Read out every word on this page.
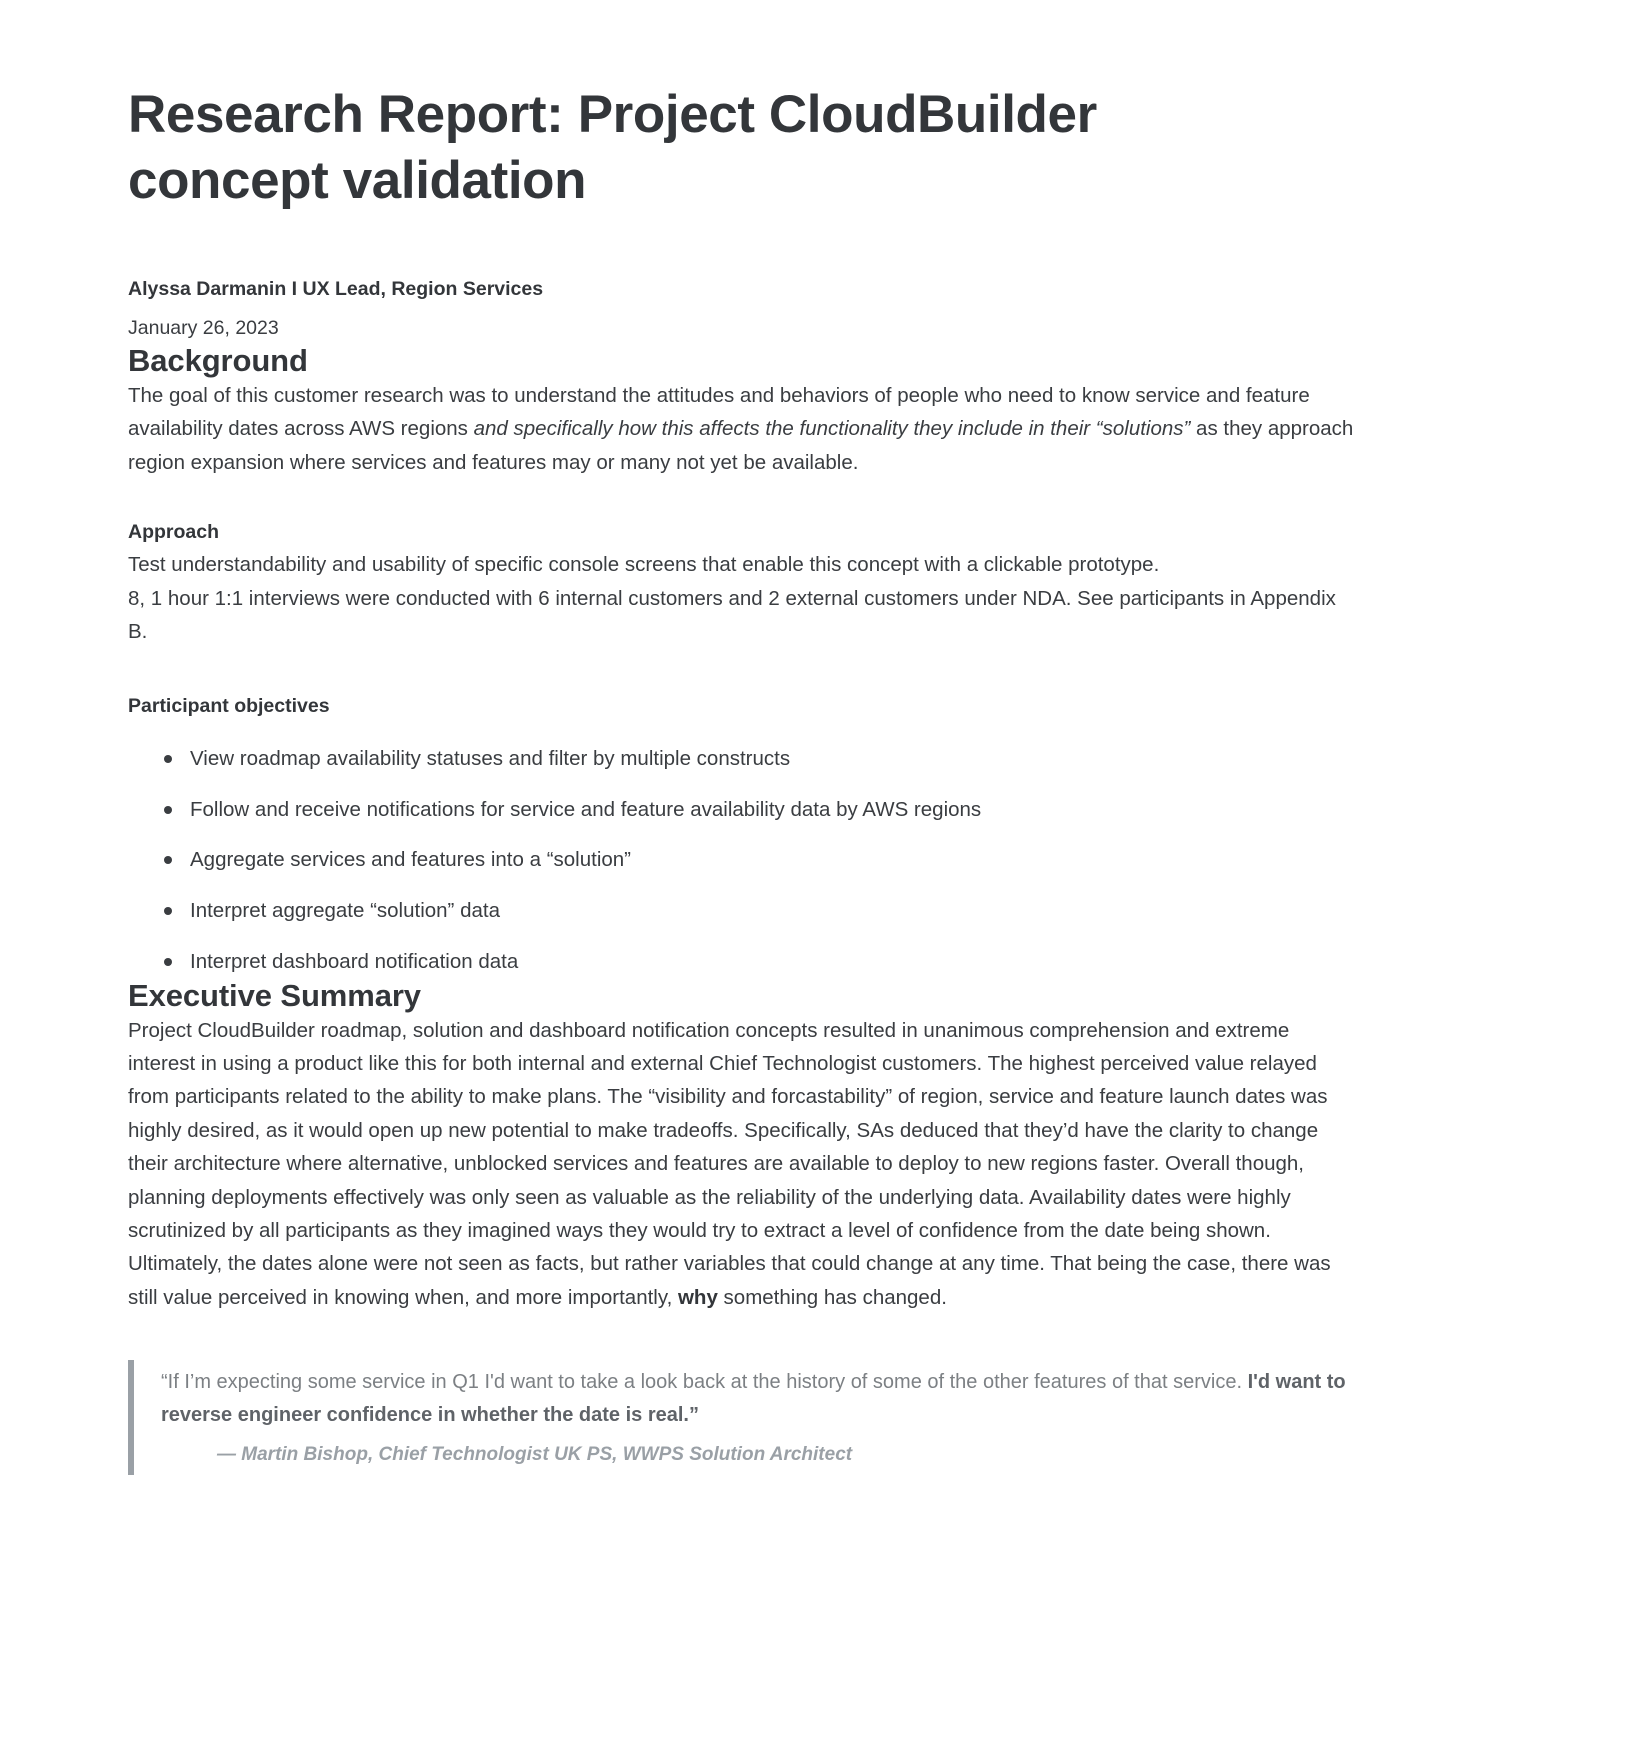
Research Report: Project CloudBuilder concept validation
Alyssa Darmanin I UX Lead, Region Services
January 26, 2023
Background

The goal of this customer research was to understand the attitudes and behaviors of people who need to know service and feature availability dates across AWS regions and specifically how this affects the functionality they include in their “solutions” as they approach region expansion where services and features may or many not yet be available.

Approach

Test understandability and usability of specific console screens that enable this concept with a clickable prototype.

8, 1 hour 1:1 interviews were conducted with 6 internal customers and 2 external customers under NDA. See participants in Appendix B.

Participant objectives
View roadmap availability statuses and filter by multiple constructs
Follow and receive notifications for service and feature availability data by AWS regions
Aggregate services and features into a “solution”
Interpret aggregate “solution” data
Interpret dashboard notification data
Executive Summary

Project CloudBuilder roadmap, solution and dashboard notification concepts resulted in unanimous comprehension and extreme interest in using a product like this for both internal and external Chief Technologist customers. The highest perceived value relayed from participants related to the ability to make plans. The “visibility and forcastability” of region, service and feature launch dates was highly desired, as it would open up new potential to make tradeoffs. Specifically, SAs deduced that they’d have the clarity to change their architecture where alternative, unblocked services and features are available to deploy to new regions faster. Overall though, planning deployments effectively was only seen as valuable as the reliability of the underlying data. Availability dates were highly scrutinized by all participants as they imagined ways they would try to extract a level of confidence from the date being shown. Ultimately, the dates alone were not seen as facts, but rather variables that could change at any time. That being the case, there was still value perceived in knowing when, and more importantly, why something has changed.

“If I’m expecting some service in Q1 I'd want to take a look back at the history of some of the other features of that service. I'd want to reverse engineer confidence in whether the date is real.”

— Martin Bishop, Chief Technologist UK PS, WWPS Solution Architect
